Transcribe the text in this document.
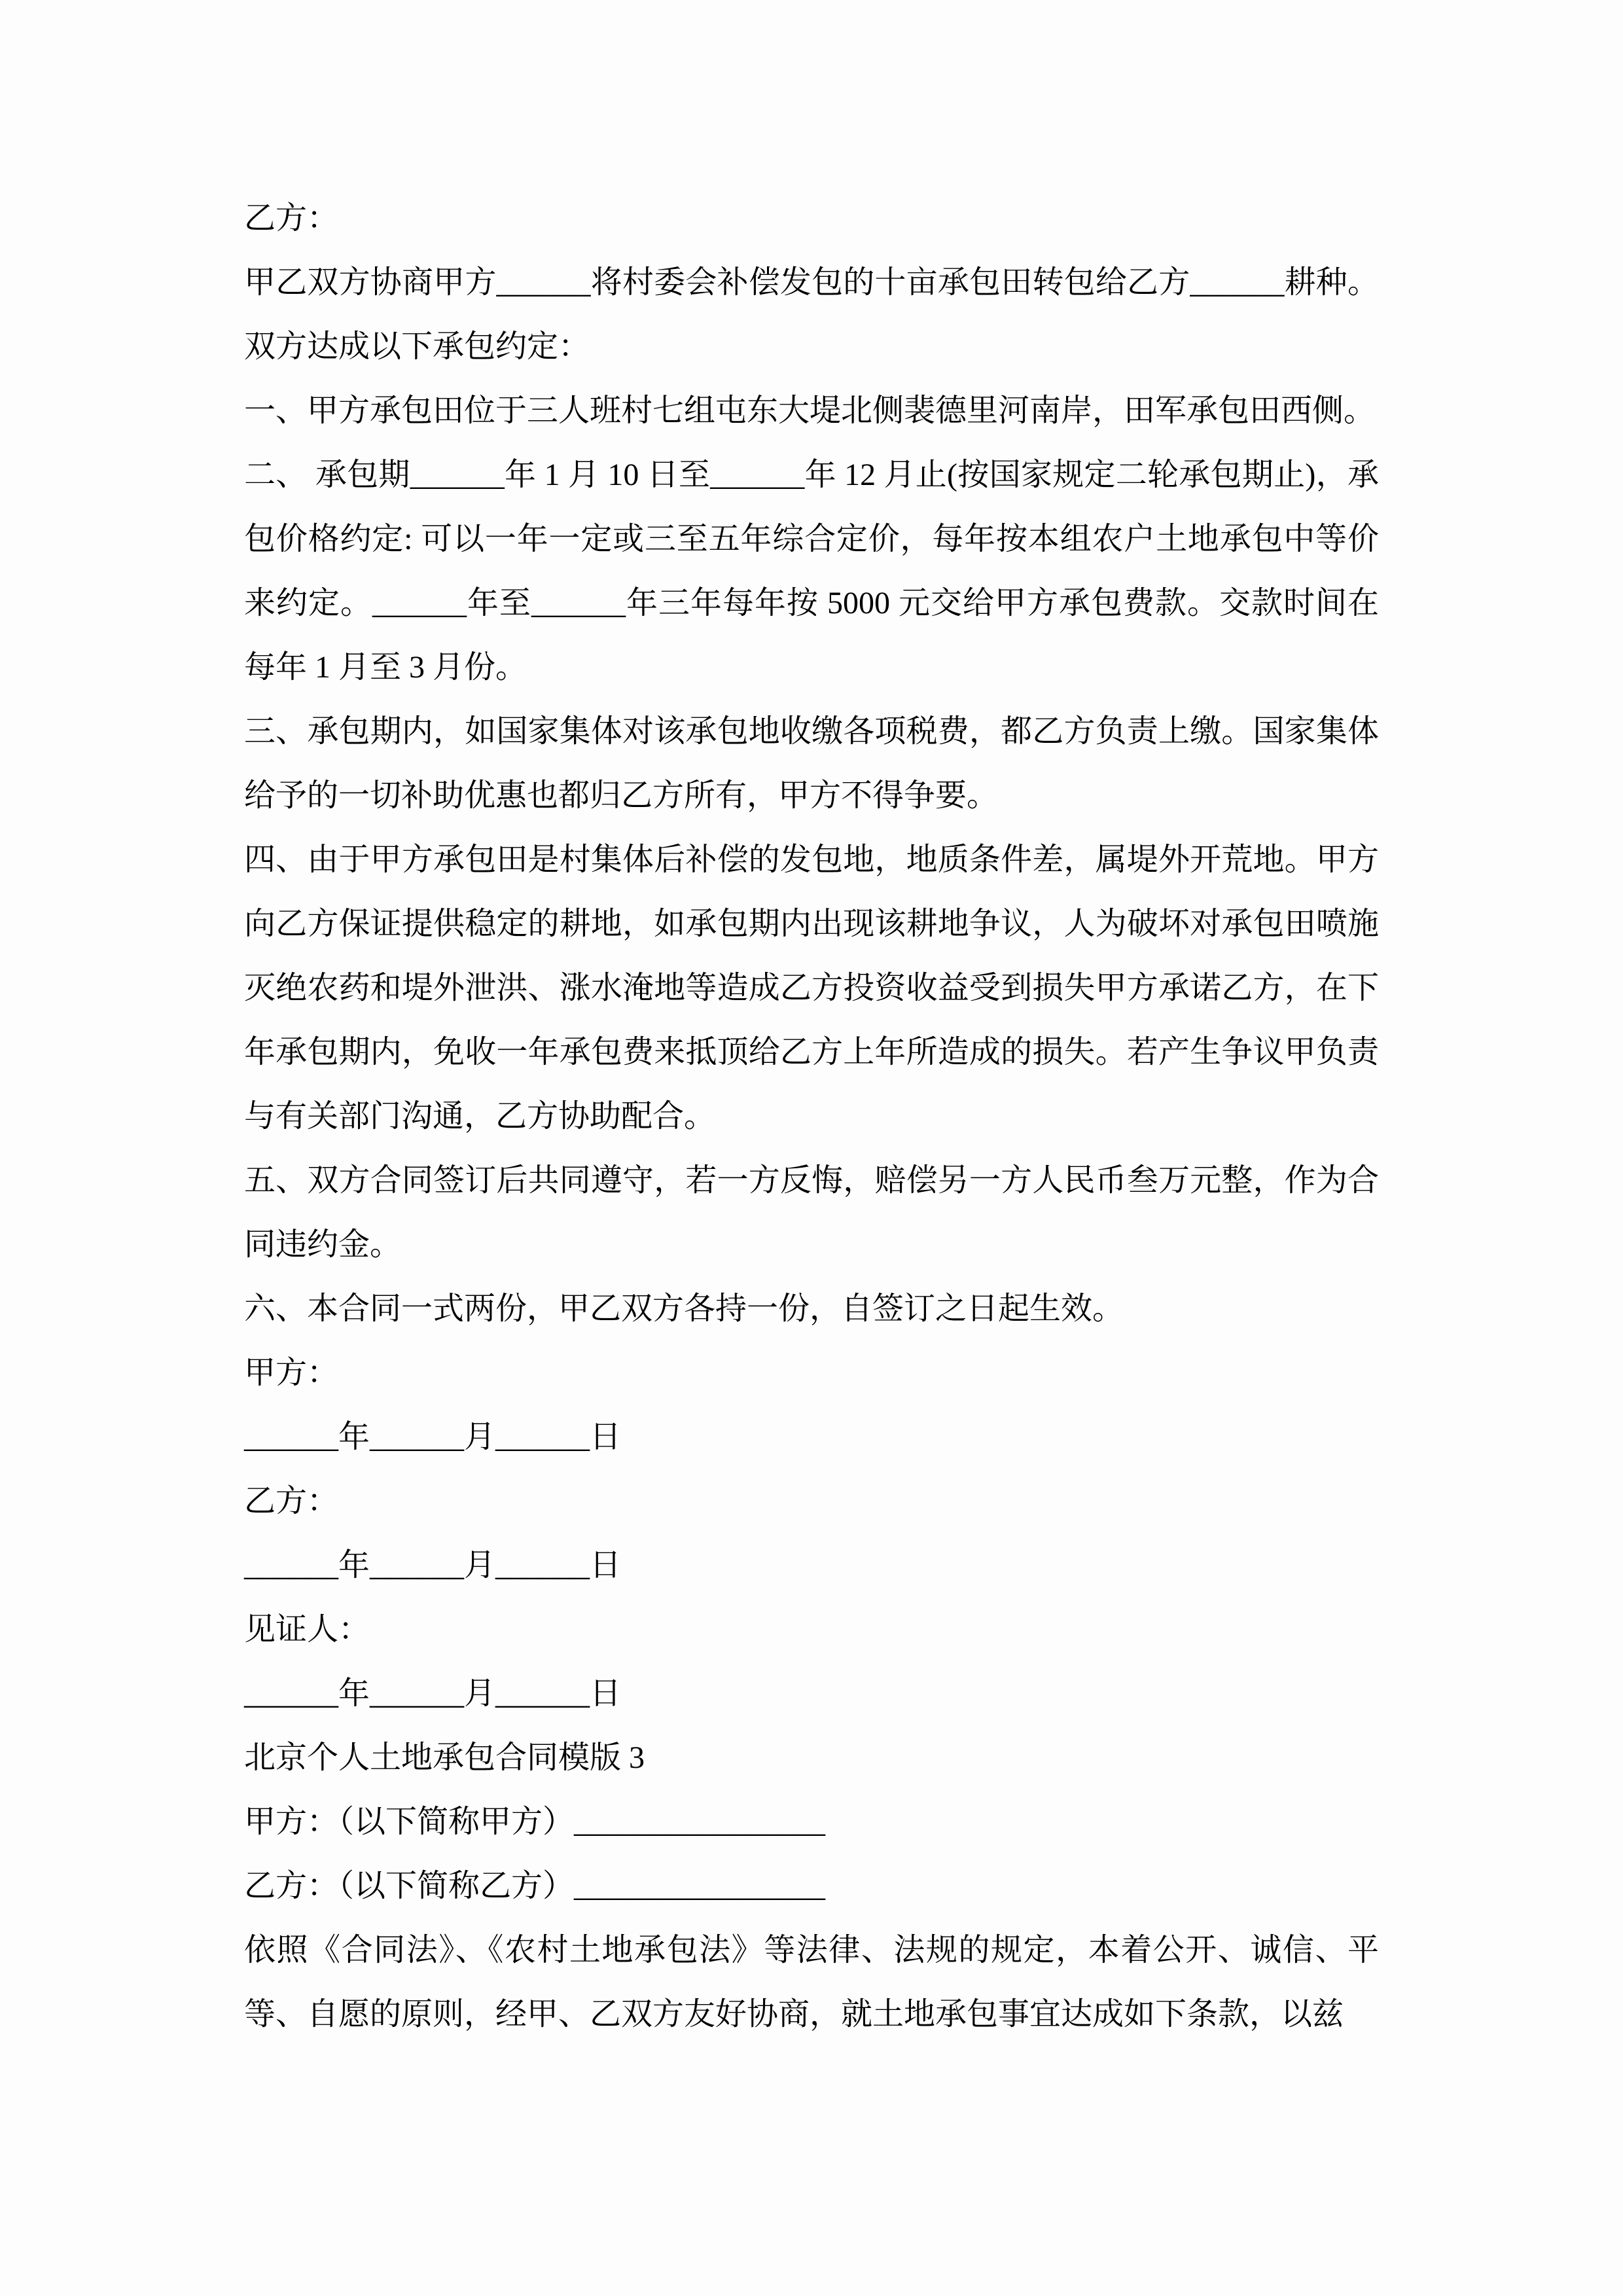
乙方：

甲乙双方协商甲方______将村委会补偿发包的十亩承包田转包给乙方______耕种。双方达成以下承包约定：

一、甲方承包田位于三人班村七组屯东大堤北侧裴德里河南岸，田军承包田西侧。

二、 承包期______年 1 月 10 日至______年 12 月止(按国家规定二轮承包期止)，承包价格约定: 可以一年一定或三至五年综合定价，每年按本组农户土地承包中等价来约定。______年至______年三年每年按 5000 元交给甲方承包费款。交款时间在每年 1 月至 3 月份。

三、承包期内，如国家集体对该承包地收缴各项税费，都乙方负责上缴。国家集体给予的一切补助优惠也都归乙方所有，甲方不得争要。

四、由于甲方承包田是村集体后补偿的发包地，地质条件差，属堤外开荒地。甲方向乙方保证提供稳定的耕地，如承包期内出现该耕地争议，人为破坏对承包田喷施灭绝农药和堤外泄洪、涨水淹地等造成乙方投资收益受到损失甲方承诺乙方，在下年承包期内，免收一年承包费来抵顶给乙方上年所造成的损失。若产生争议甲负责与有关部门沟通，乙方协助配合。

五、双方合同签订后共同遵守，若一方反悔，赔偿另一方人民币叁万元整，作为合同违约金。

六、本合同一式两份，甲乙双方各持一份，自签订之日起生效。

甲方：

______年______月______日

乙方：

______年______月______日

见证人：

______年______月______日

北京个人土地承包合同模版 3

甲方：（以下简称甲方）________________

乙方：（以下简称乙方）________________

依照《合同法》、《农村土地承包法》等法律、法规的规定，本着公开、诚信、平等、自愿的原则，经甲、乙双方友好协商，就土地承包事宜达成如下条款，以兹
